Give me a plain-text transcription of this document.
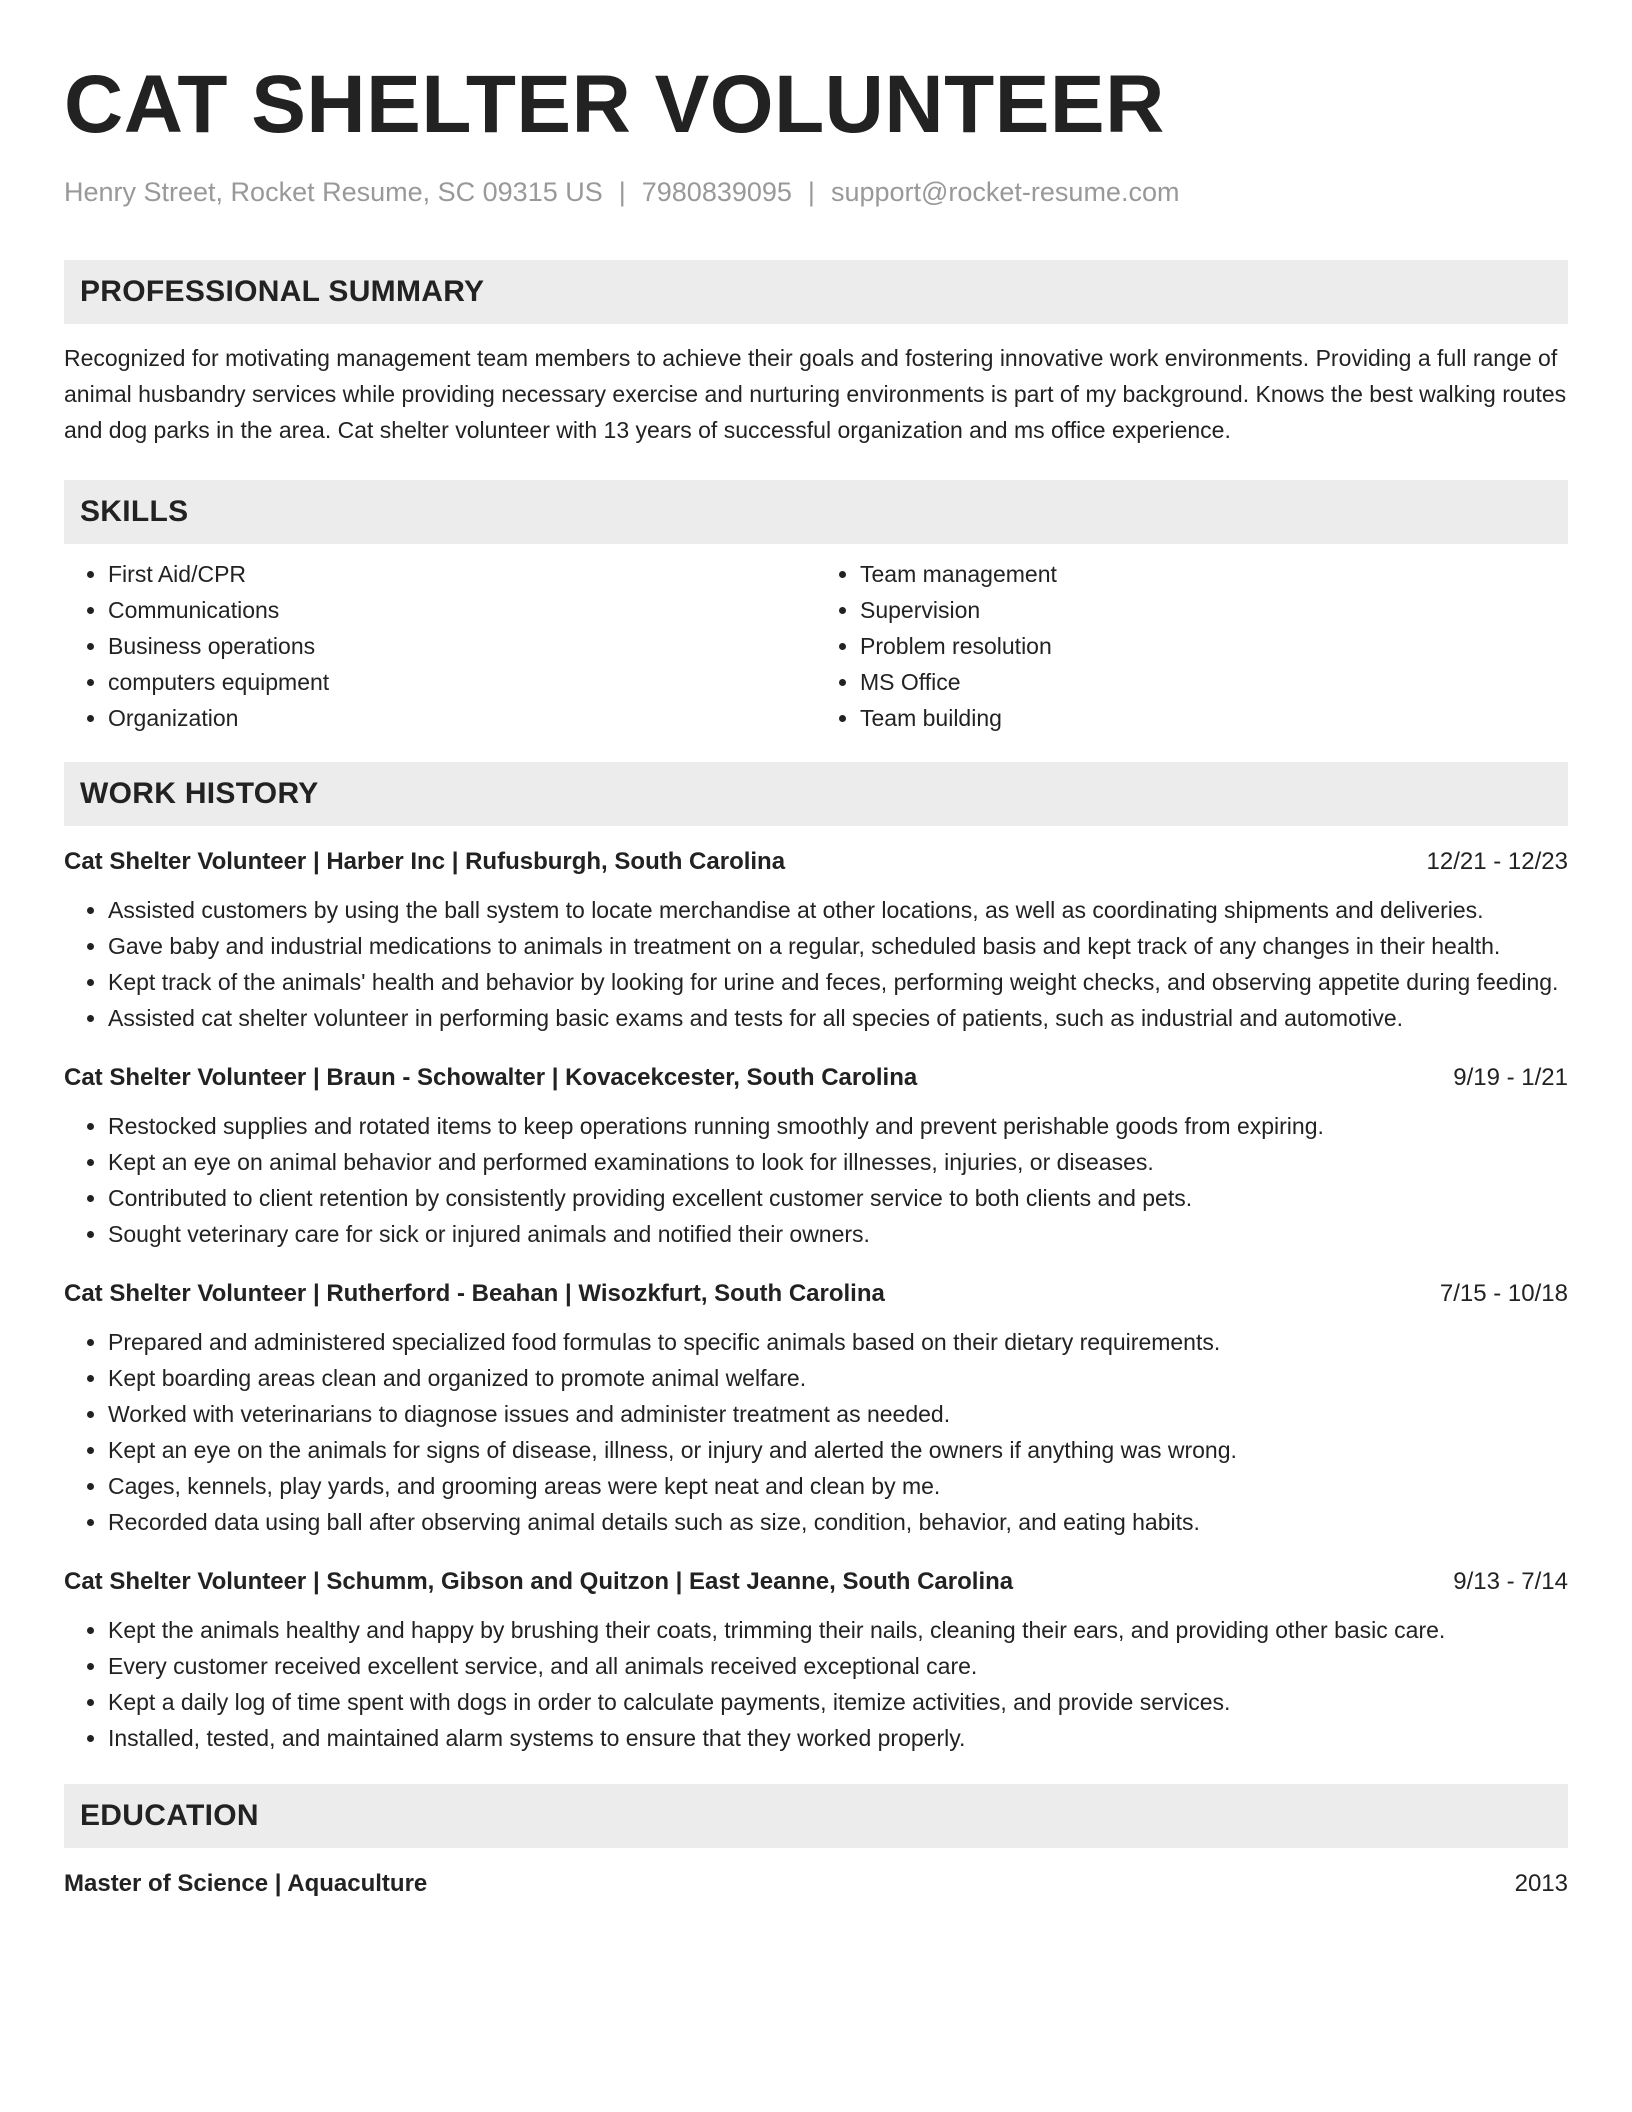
CAT SHELTER VOLUNTEER
Henry Street, Rocket Resume, SC 09315 US | 7980839095 | support@rocket-resume.com
PROFESSIONAL SUMMARY

Recognized for motivating management team members to achieve their goals and fostering innovative work environments. Providing a full range of animal husbandry services while providing necessary exercise and nurturing environments is part of my background. Knows the best walking routes and dog parks in the area. Cat shelter volunteer with 13 years of successful organization and ms office experience.

SKILLS
• First Aid/CPR
• Communications
• Business operations
• computers equipment
• Organization
• Team management
• Supervision
• Problem resolution
• MS Office
• Team building
WORK HISTORY
Cat Shelter Volunteer | Harber Inc | Rufusburgh, South Carolina	12/21 - 12/23
• Assisted customers by using the ball system to locate merchandise at other locations, as well as coordinating shipments and deliveries.
• Gave baby and industrial medications to animals in treatment on a regular, scheduled basis and kept track of any changes in their health.
• Kept track of the animals' health and behavior by looking for urine and feces, performing weight checks, and observing appetite during feeding.
• Assisted cat shelter volunteer in performing basic exams and tests for all species of patients, such as industrial and automotive.
Cat Shelter Volunteer | Braun - Schowalter | Kovacekcester, South Carolina	9/19 - 1/21
• Restocked supplies and rotated items to keep operations running smoothly and prevent perishable goods from expiring.
• Kept an eye on animal behavior and performed examinations to look for illnesses, injuries, or diseases.
• Contributed to client retention by consistently providing excellent customer service to both clients and pets.
• Sought veterinary care for sick or injured animals and notified their owners.
Cat Shelter Volunteer | Rutherford - Beahan | Wisozkfurt, South Carolina	7/15 - 10/18
• Prepared and administered specialized food formulas to specific animals based on their dietary requirements.
• Kept boarding areas clean and organized to promote animal welfare.
• Worked with veterinarians to diagnose issues and administer treatment as needed.
• Kept an eye on the animals for signs of disease, illness, or injury and alerted the owners if anything was wrong.
• Cages, kennels, play yards, and grooming areas were kept neat and clean by me.
• Recorded data using ball after observing animal details such as size, condition, behavior, and eating habits.
Cat Shelter Volunteer | Schumm, Gibson and Quitzon | East Jeanne, South Carolina	9/13 - 7/14
• Kept the animals healthy and happy by brushing their coats, trimming their nails, cleaning their ears, and providing other basic care.
• Every customer received excellent service, and all animals received exceptional care.
• Kept a daily log of time spent with dogs in order to calculate payments, itemize activities, and provide services.
• Installed, tested, and maintained alarm systems to ensure that they worked properly.
EDUCATION
Master of Science | Aquaculture	2013
